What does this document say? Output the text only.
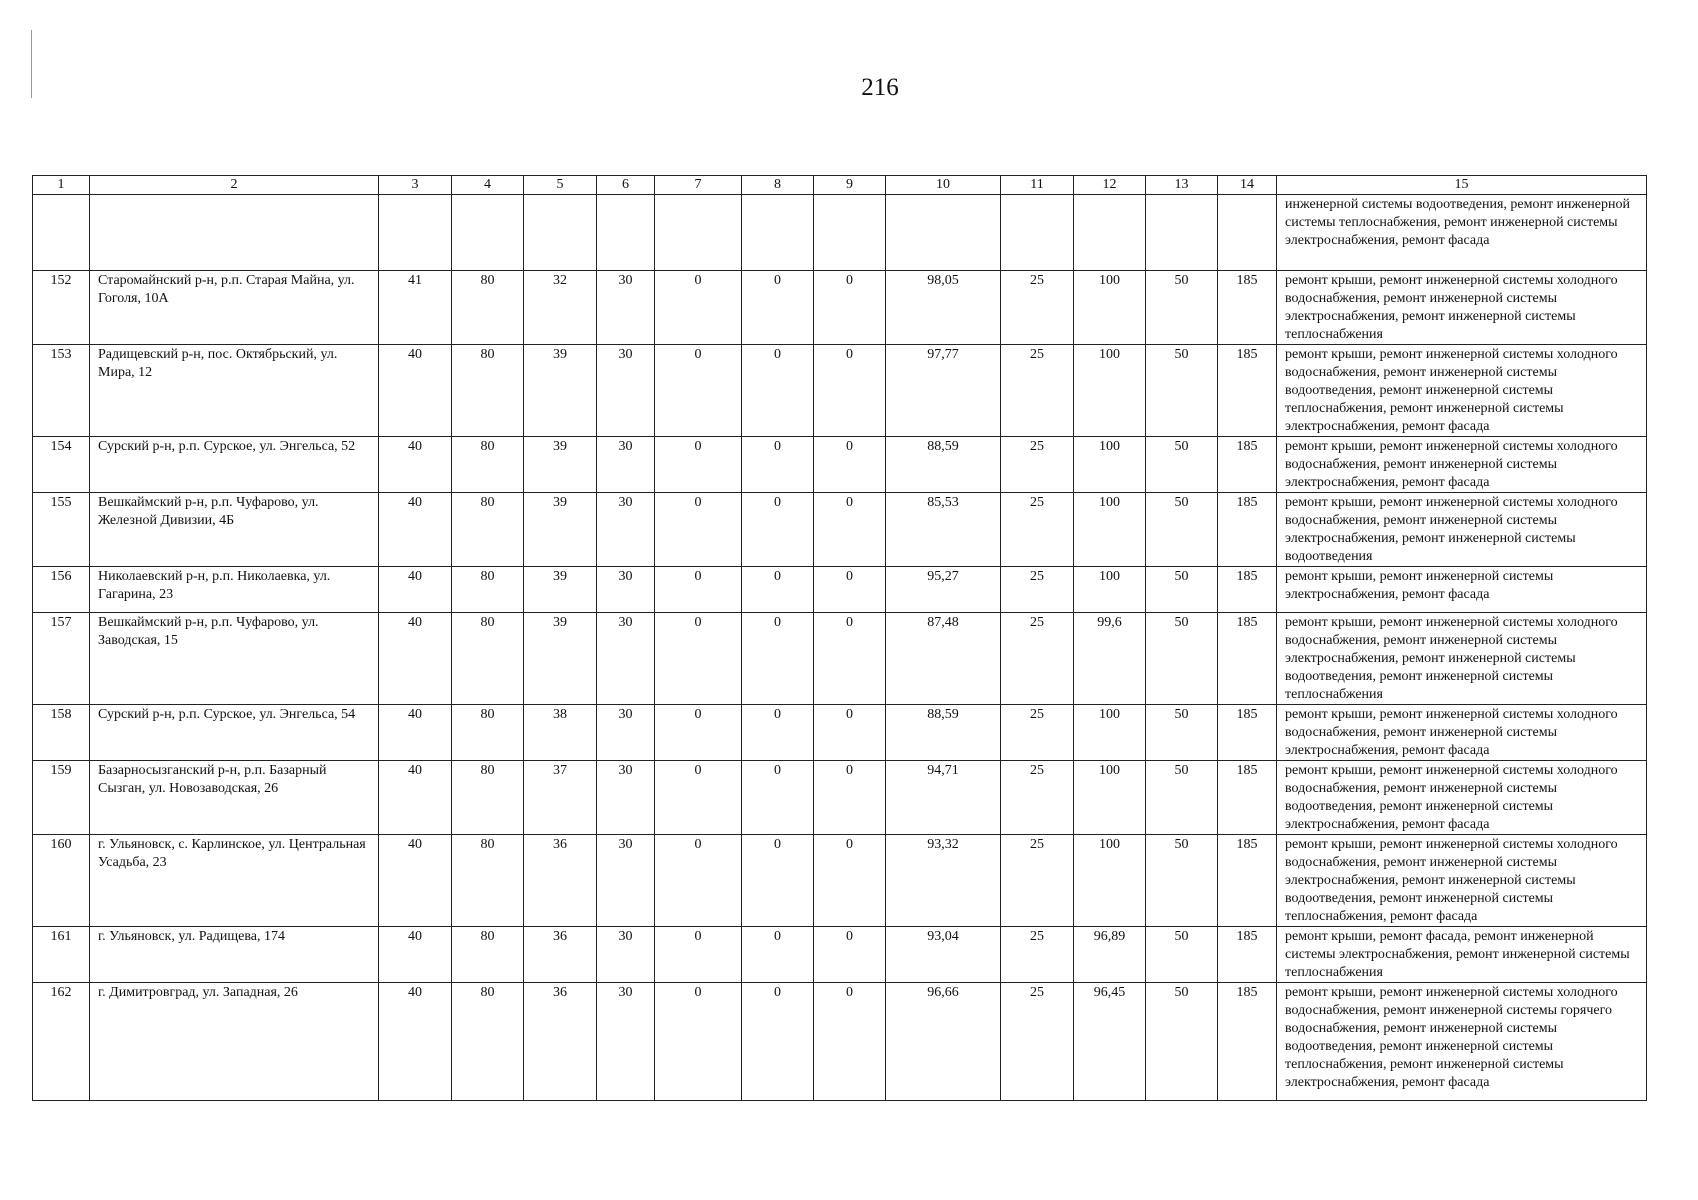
216
1	2	3	4	5	6	7	8	9	10	11	12	13	14	15
														инженерной системы водоотведения, ремонт инженерной системы теплоснабжения, ремонт инженерной системы электроснабжения, ремонт фасада
152	Старомайнский р-н, р.п. Старая Майна, ул. Гоголя, 10А	41	80	32	30	0	0	0	98,05	25	100	50	185	ремонт крыши, ремонт инженерной системы холодного водоснабжения, ремонт инженерной системы электроснабжения, ремонт инженерной системы теплоснабжения
153	Радищевский р-н, пос. Октябрьский, ул. Мира, 12	40	80	39	30	0	0	0	97,77	25	100	50	185	ремонт крыши, ремонт инженерной системы холодного водоснабжения, ремонт инженерной системы водоотведения, ремонт инженерной системы теплоснабжения, ремонт инженерной системы электроснабжения, ремонт фасада
154	Сурский р-н, р.п. Сурское, ул. Энгельса, 52	40	80	39	30	0	0	0	88,59	25	100	50	185	ремонт крыши, ремонт инженерной системы холодного водоснабжения, ремонт инженерной системы электроснабжения, ремонт фасада
155	Вешкаймский р-н, р.п. Чуфарово, ул. Железной Дивизии, 4Б	40	80	39	30	0	0	0	85,53	25	100	50	185	ремонт крыши, ремонт инженерной системы холодного водоснабжения, ремонт инженерной системы электроснабжения, ремонт инженерной системы водоотведения
156	Николаевский р-н, р.п. Николаевка, ул. Гагарина, 23	40	80	39	30	0	0	0	95,27	25	100	50	185	ремонт крыши, ремонт инженерной системы электроснабжения, ремонт фасада
157	Вешкаймский р-н, р.п. Чуфарово, ул. Заводская, 15	40	80	39	30	0	0	0	87,48	25	99,6	50	185	ремонт крыши, ремонт инженерной системы холодного водоснабжения, ремонт инженерной системы электроснабжения, ремонт инженерной системы водоотведения, ремонт инженерной системы теплоснабжения
158	Сурский р-н, р.п. Сурское, ул. Энгельса, 54	40	80	38	30	0	0	0	88,59	25	100	50	185	ремонт крыши, ремонт инженерной системы холодного водоснабжения, ремонт инженерной системы электроснабжения, ремонт фасада
159	Базарносызганский р-н, р.п. Базарный Сызган, ул. Новозаводская, 26	40	80	37	30	0	0	0	94,71	25	100	50	185	ремонт крыши, ремонт инженерной системы холодного водоснабжения, ремонт инженерной системы водоотведения, ремонт инженерной системы электроснабжения, ремонт фасада
160	г. Ульяновск, с. Карлинское, ул. Центральная Усадьба, 23	40	80	36	30	0	0	0	93,32	25	100	50	185	ремонт крыши, ремонт инженерной системы холодного водоснабжения, ремонт инженерной системы электроснабжения, ремонт инженерной системы водоотведения, ремонт инженерной системы теплоснабжения, ремонт фасада
161	г. Ульяновск, ул. Радищева, 174	40	80	36	30	0	0	0	93,04	25	96,89	50	185	ремонт крыши, ремонт фасада, ремонт инженерной системы электроснабжения, ремонт инженерной системы теплоснабжения
162	г. Димитровград, ул. Западная, 26	40	80	36	30	0	0	0	96,66	25	96,45	50	185	ремонт крыши, ремонт инженерной системы холодного водоснабжения, ремонт инженерной системы горячего водоснабжения, ремонт инженерной системы водоотведения, ремонт инженерной системы теплоснабжения, ремонт инженерной системы электроснабжения, ремонт фасада
